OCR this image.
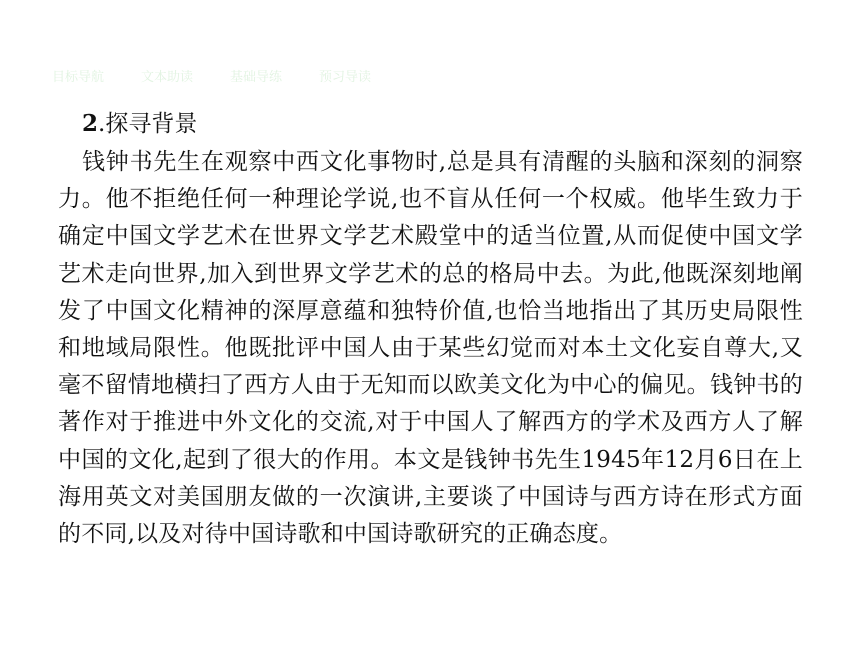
目标导航	文本助读	基础导练	预习导读
2.探寻背景

钱钟书先生在观察中西文化事物时,总是具有清醒的头脑和深刻的洞察力。他不拒绝任何一种理论学说,也不盲从任何一个权威。他毕生致力于确定中国文学艺术在世界文学艺术殿堂中的适当位置,从而促使中国文学艺术走向世界,加入到世界文学艺术的总的格局中去。为此,他既深刻地阐发了中国文化精神的深厚意蕴和独特价值,也恰当地指出了其历史局限性和地域局限性。他既批评中国人由于某些幻觉而对本土文化妄自尊大,又毫不留情地横扫了西方人由于无知而以欧美文化为中心的偏见。钱钟书的著作对于推进中外文化的交流,对于中国人了解西方的学术及西方人了解中国的文化,起到了很大的作用。本文是钱钟书先生1945年12月6日在上海用英文对美国朋友做的一次演讲,主要谈了中国诗与西方诗在形式方面的不同,以及对待中国诗歌和中国诗歌研究的正确态度。
